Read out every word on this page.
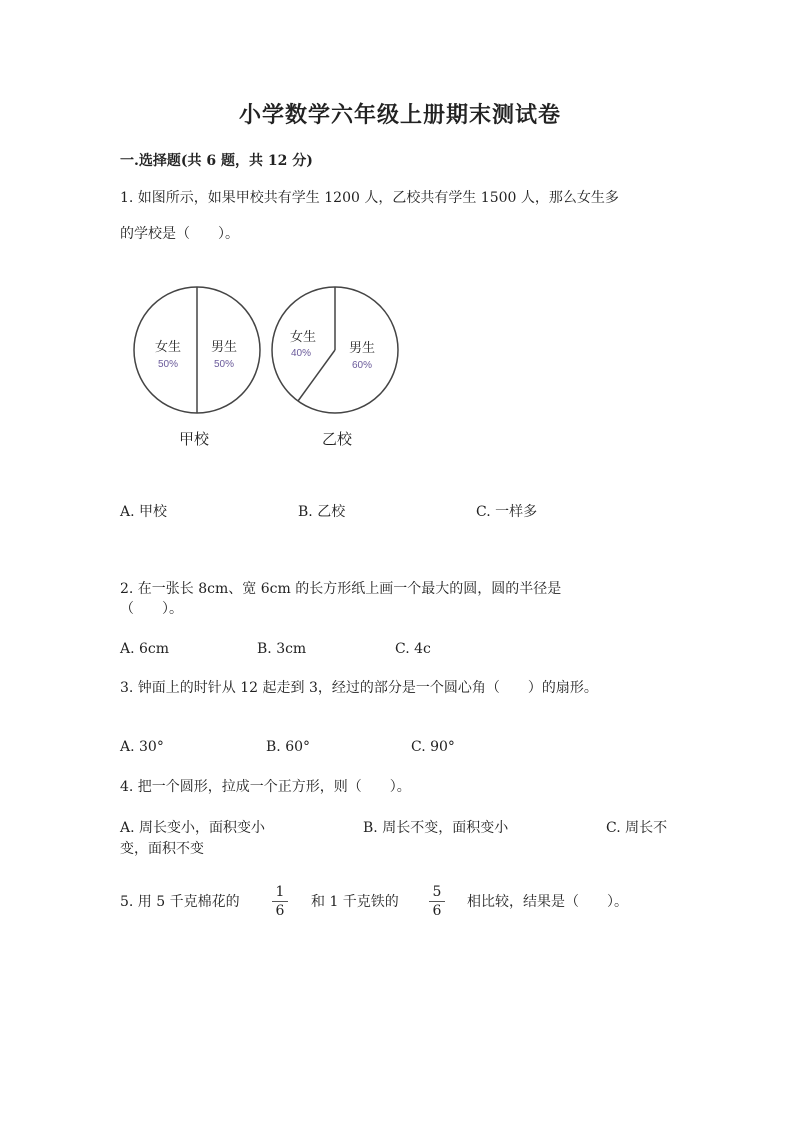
小学数学六年级上册期末测试卷
一.选择题(共 6 题，共 12 分)
1. 如图所示，如果甲校共有学生 1200 人，乙校共有学生 1500 人，那么女生多
的学校是（　　）。
女生
50%
男生
50%
甲校
女生
40%	男生
60%
乙校
A. 甲校	B. 乙校	C. 一样多
2. 在一张长 8cm、宽 6cm 的长方形纸上画一个最大的圆，圆的半径是
（　　）。
A. 6cm	B. 3cm	C. 4c
3. 钟面上的时针从 12 起走到 3，经过的部分是一个圆心角（　　）的扇形。
A. 30°	B. 60°	C. 90°
4. 把一个圆形，拉成一个正方形，则（　　）。
A. 周长变小，面积变小	B. 周长不变，面积变小	C. 周长不
变，面积不变
5. 用 5 千克棉花的
1
6
和 1 千克铁的
5
6
相比较，结果是（　　）。
